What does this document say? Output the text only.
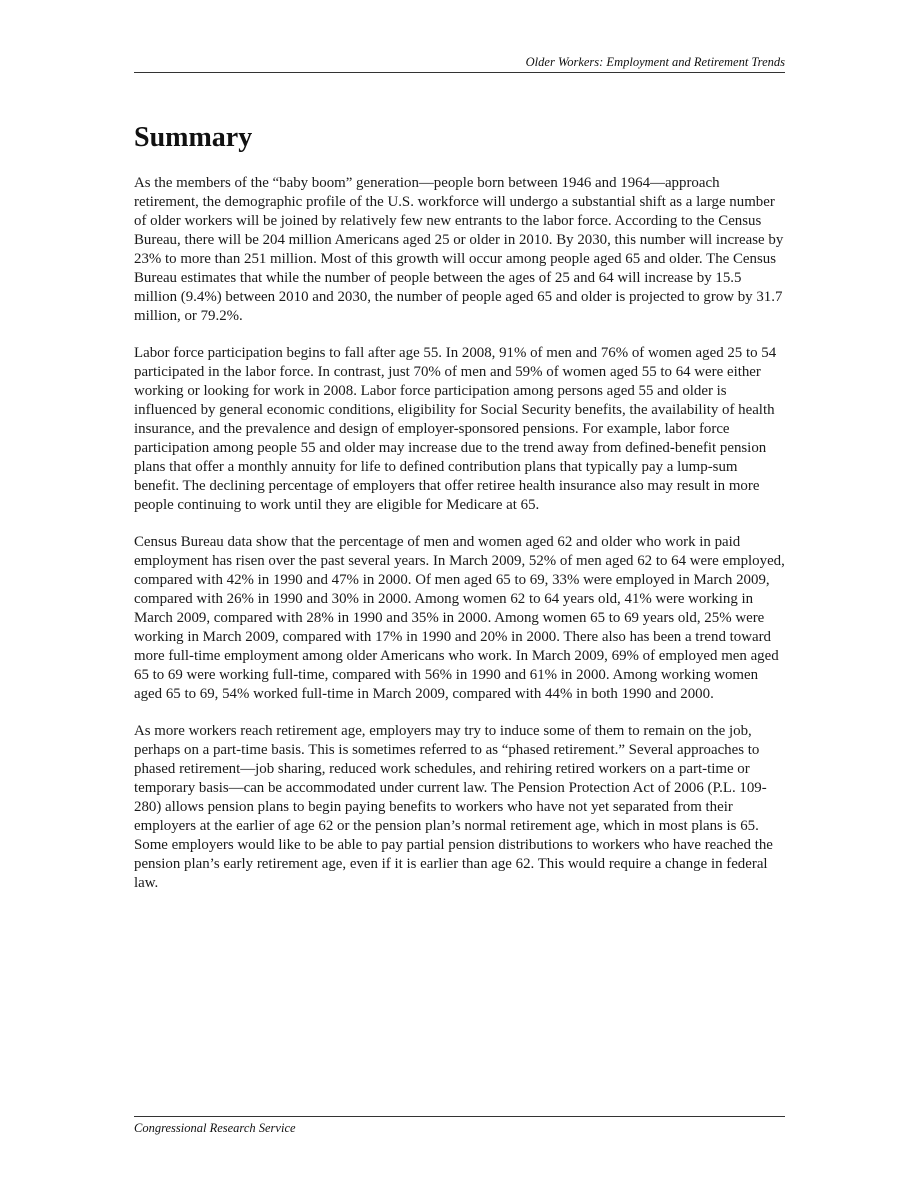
Older Workers: Employment and Retirement Trends
Summary

As the members of the “baby boom” generation—people born between 1946 and 1964—approach retirement, the demographic profile of the U.S. workforce will undergo a substantial shift as a large number of older workers will be joined by relatively few new entrants to the labor force. According to the Census Bureau, there will be 204 million Americans aged 25 or older in 2010. By 2030, this number will increase by 23% to more than 251 million. Most of this growth will occur among people aged 65 and older. The Census Bureau estimates that while the number of people between the ages of 25 and 64 will increase by 15.5 million (9.4%) between 2010 and 2030, the number of people aged 65 and older is projected to grow by 31.7 million, or 79.2%.

Labor force participation begins to fall after age 55. In 2008, 91% of men and 76% of women aged 25 to 54 participated in the labor force. In contrast, just 70% of men and 59% of women aged 55 to 64 were either working or looking for work in 2008. Labor force participation among persons aged 55 and older is influenced by general economic conditions, eligibility for Social Security benefits, the availability of health insurance, and the prevalence and design of employer-sponsored pensions. For example, labor force participation among people 55 and older may increase due to the trend away from defined-benefit pension plans that offer a monthly annuity for life to defined contribution plans that typically pay a lump-sum benefit. The declining percentage of employers that offer retiree health insurance also may result in more people continuing to work until they are eligible for Medicare at 65.

Census Bureau data show that the percentage of men and women aged 62 and older who work in paid employment has risen over the past several years. In March 2009, 52% of men aged 62 to 64 were employed, compared with 42% in 1990 and 47% in 2000. Of men aged 65 to 69, 33% were employed in March 2009, compared with 26% in 1990 and 30% in 2000. Among women 62 to 64 years old, 41% were working in March 2009, compared with 28% in 1990 and 35% in 2000. Among women 65 to 69 years old, 25% were working in March 2009, compared with 17% in 1990 and 20% in 2000. There also has been a trend toward more full-time employment among older Americans who work. In March 2009, 69% of employed men aged 65 to 69 were working full-time, compared with 56% in 1990 and 61% in 2000. Among working women aged 65 to 69, 54% worked full-time in March 2009, compared with 44% in both 1990 and 2000.

As more workers reach retirement age, employers may try to induce some of them to remain on the job, perhaps on a part-time basis. This is sometimes referred to as “phased retirement.” Several approaches to phased retirement—job sharing, reduced work schedules, and rehiring retired workers on a part-time or temporary basis—can be accommodated under current law. The Pension Protection Act of 2006 (P.L. 109-280) allows pension plans to begin paying benefits to workers who have not yet separated from their employers at the earlier of age 62 or the pension plan’s normal retirement age, which in most plans is 65. Some employers would like to be able to pay partial pension distributions to workers who have reached the pension plan’s early retirement age, even if it is earlier than age 62. This would require a change in federal law.

Congressional Research Service
